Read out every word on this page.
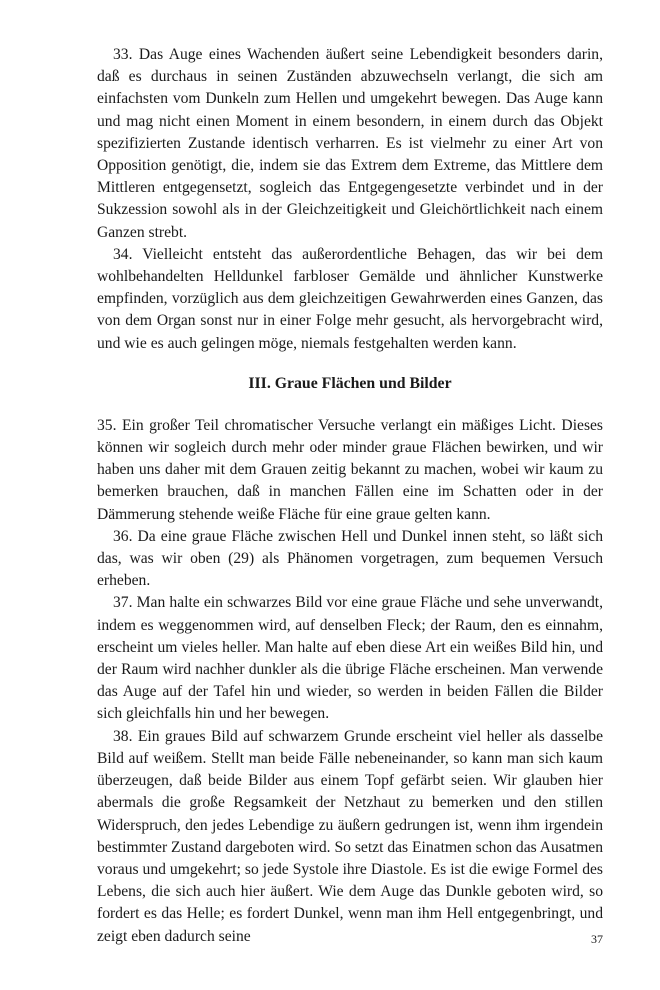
33. Das Auge eines Wachenden äußert seine Lebendigkeit besonders darin, daß es durchaus in seinen Zuständen abzuwechseln verlangt, die sich am einfachsten vom Dunkeln zum Hellen und umgekehrt bewegen. Das Auge kann und mag nicht einen Moment in einem besondern, in einem durch das Objekt spezifizierten Zustande identisch verharren. Es ist vielmehr zu einer Art von Opposition genötigt, die, indem sie das Extrem dem Extreme, das Mittlere dem Mittleren entgegensetzt, sogleich das Entgegengesetzte verbindet und in der Sukzession sowohl als in der Gleichzeitigkeit und Gleichörtlichkeit nach einem Ganzen strebt.

34. Vielleicht entsteht das außerordentliche Behagen, das wir bei dem wohlbehandelten Helldunkel farbloser Gemälde und ähnlicher Kunstwerke empfinden, vorzüglich aus dem gleichzeitigen Gewahrwerden eines Ganzen, das von dem Organ sonst nur in einer Folge mehr gesucht, als hervorgebracht wird, und wie es auch gelingen möge, niemals festgehalten werden kann.

III. Graue Flächen und Bilder

35. Ein großer Teil chromatischer Versuche verlangt ein mäßiges Licht. Dieses können wir sogleich durch mehr oder minder graue Flächen bewirken, und wir haben uns daher mit dem Grauen zeitig bekannt zu machen, wobei wir kaum zu bemerken brauchen, daß in manchen Fällen eine im Schatten oder in der Dämmerung stehende weiße Fläche für eine graue gelten kann.

36. Da eine graue Fläche zwischen Hell und Dunkel innen steht, so läßt sich das, was wir oben (29) als Phänomen vorgetragen, zum bequemen Versuch erheben.

37. Man halte ein schwarzes Bild vor eine graue Fläche und sehe unverwandt, indem es weggenommen wird, auf denselben Fleck; der Raum, den es einnahm, erscheint um vieles heller. Man halte auf eben diese Art ein weißes Bild hin, und der Raum wird nachher dunkler als die übrige Fläche erscheinen. Man verwende das Auge auf der Tafel hin und wieder, so werden in beiden Fällen die Bilder sich gleichfalls hin und her bewegen.

38. Ein graues Bild auf schwarzem Grunde erscheint viel heller als dasselbe Bild auf weißem. Stellt man beide Fälle nebeneinander, so kann man sich kaum überzeugen, daß beide Bilder aus einem Topf gefärbt seien. Wir glauben hier abermals die große Regsamkeit der Netzhaut zu bemerken und den stillen Widerspruch, den jedes Lebendige zu äußern gedrungen ist, wenn ihm irgendein bestimmter Zustand dargeboten wird. So setzt das Einatmen schon das Ausatmen voraus und umgekehrt; so jede Systole ihre Diastole. Es ist die ewige Formel des Lebens, die sich auch hier äußert. Wie dem Auge das Dunkle geboten wird, so fordert es das Helle; es fordert Dunkel, wenn man ihm Hell entgegenbringt, und zeigt eben dadurch seine	37
